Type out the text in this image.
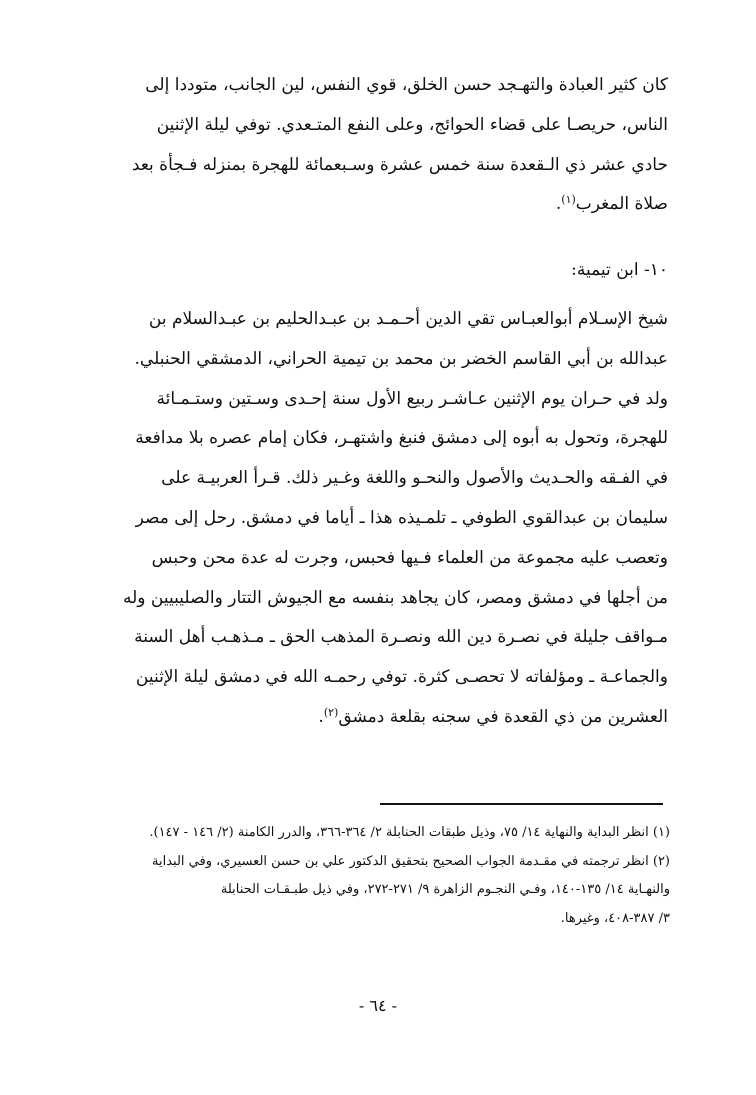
كان كثير العبادة والتهـجد حسن الخلق، قوي النفس، لين الجانب، متوددا إلى
الناس، حريصـا على قضاء الحوائج، وعلى النفع المتـعدي. توفي ليلة الإثنين
حادي عشر ذي الـقعدة سنة خمس عشرة وسـبعمائة للهجرة بمنزله فـجأة بعد
صلاة المغرب$^{(١)}$.
١٠- ابن تيمية:
شيخ الإسـلام أبوالعبـاس تقي الدين أحـمـد بن عبـدالحليم بن عبـدالسلام بن
عبدالله بن أبي القاسم الخضر بن محمد بن تيمية الحراني، الدمشقي الحنبلي.
ولد في حـران يوم الإثنين عـاشـر ربيع الأول سنة إحـدى وسـتين وستـمـائة
للهجرة، وتحول به أبوه إلى دمشق فنبغ واشتهـر، فكان إمام عصره بلا مدافعة
في الفـقه والحـديث والأصول والنحـو واللغة وغـير ذلك. قـرأ العربيـة على
سليمان بن عبدالقوي الطوفي ـ تلمـيذه هذا ـ أياما في دمشق. رحل إلى مصر
وتعصب عليه مجموعة من العلماء فـيها فحبس، وجرت له عدة محن وحبس
من أجلها في دمشق ومصر، كان يجاهد بنفسه مع الجيوش التتار والصليبيين وله
مـواقف جليلة في نصـرة دين الله ونصـرة المذهب الحق ـ مـذهـب أهل السنة
والجماعـة ـ ومؤلفاته لا تحصـى كثرة. توفي رحمـه الله في دمشق ليلة الإثنين
العشرين من ذي القعدة في سجنه بقلعة دمشق$^{(٢)}$.
(١) انظر البداية والنهاية ١٤/ ٧٥، وذيل طبقات الحنابلة ٢/ ٣٦٤-٣٦٦، والدرر الكامنة (٢/ ١٤٦ - ١٤٧).
(٢) انظر ترجمته في مقـدمة الجواب الصحيح بتحقيق الدكتور علي بن حسن العسيري، وفي البداية
والنهـاية ١٤/ ١٣٥-١٤٠، وفـي النجـوم الزاهرة ٩/ ٢٧١-٢٧٢، وفي ذيل طبـقـات الحنابلة
٣/ ٣٨٧-٤٠٨، وغيرها.
- ٦٤ -
